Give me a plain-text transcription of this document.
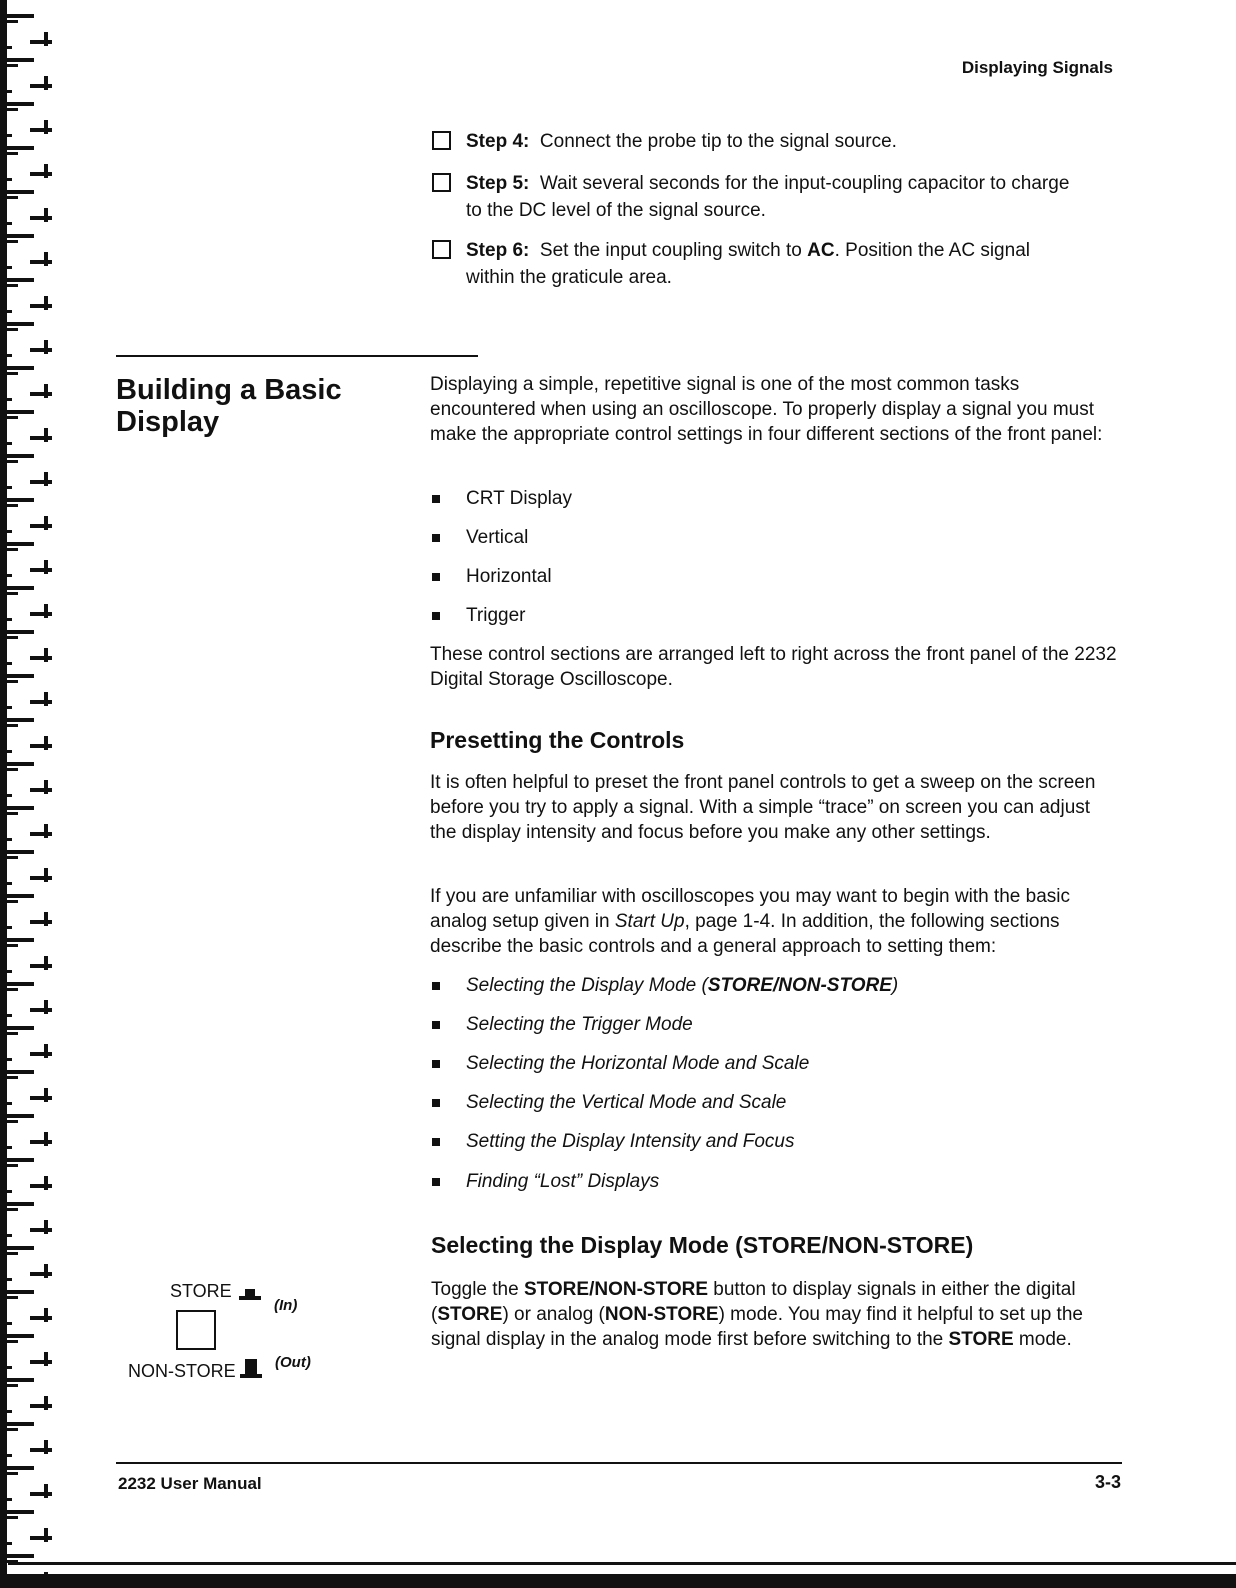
Displaying Signals
Step 4: Connect the probe tip to the signal source.
Step 5: Wait several seconds for the input-coupling capacitor to charge
to the DC level of the signal source.
Step 6: Set the input coupling switch to AC. Position the AC signal
within the graticule area.
Building a Basic Display

Displaying a simple, repetitive signal is one of the most common tasks encountered when using an oscilloscope. To properly display a signal you must make the appropriate control settings in four different sections of the front panel:

CRT Display
Vertical
Horizontal
Trigger

These control sections are arranged left to right across the front panel of the 2232 Digital Storage Oscilloscope.

Presetting the Controls

It is often helpful to preset the front panel controls to get a sweep on the screen before you try to apply a signal. With a simple “trace” on screen you can adjust the display intensity and focus before you make any other settings.

If you are unfamiliar with oscilloscopes you may want to begin with the basic analog setup given in Start Up, page 1-4. In addition, the following sections describe the basic controls and a general approach to setting them:

Selecting the Display Mode (STORE/NON-STORE)
Selecting the Trigger Mode
Selecting the Horizontal Mode and Scale
Selecting the Vertical Mode and Scale
Setting the Display Intensity and Focus
Finding “Lost” Displays
Selecting the Display Mode (STORE/NON-STORE)

Toggle the STORE/NON-STORE button to display signals in either the digital (STORE) or analog (NON-STORE) mode. You may find it helpful to set up the signal display in the analog mode first before switching to the STORE mode.

STORE
(In)
NON-STORE	(Out)
2232 User Manual	3-3
